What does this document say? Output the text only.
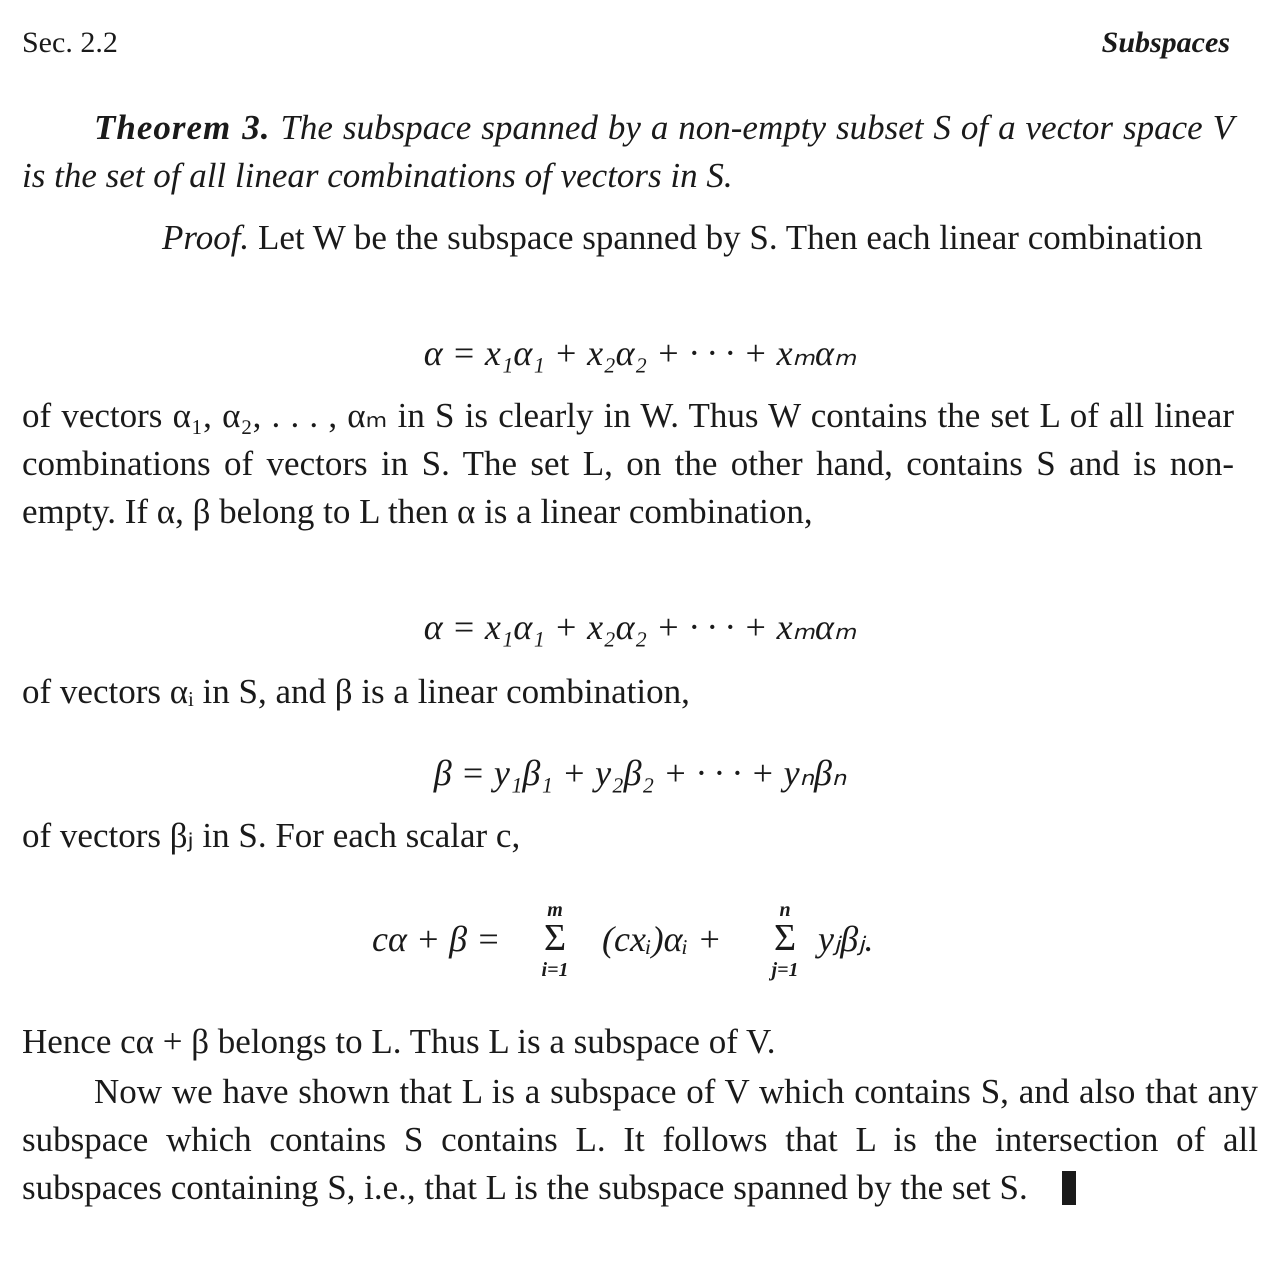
Sec. 2.2	Subspaces
Theorem 3. The subspace spanned by a non-empty subset S of a vector space V is the set of all linear combinations of vectors in S.
Proof. Let W be the subspace spanned by S. Then each linear combination
α = x₁α₁ + x₂α₂ + · · · + xₘαₘ
of vectors α₁, α₂, . . . , αₘ in S is clearly in W. Thus W contains the set L of all linear combinations of vectors in S. The set L, on the other hand, contains S and is non-empty. If α, β belong to L then α is a linear combination,
α = x₁α₁ + x₂α₂ + · · · + xₘαₘ
of vectors αᵢ in S, and β is a linear combination,
β = y₁β₁ + y₂β₂ + · · · + yₙβₙ
of vectors βⱼ in S. For each scalar c,
cα + β =
m
Σ
i=1
(cxᵢ)αᵢ +
n
Σ
j=1
yⱼβⱼ.
Hence cα + β belongs to L. Thus L is a subspace of V.
Now we have shown that L is a subspace of V which contains S, and also that any subspace which contains S contains L. It follows that L is the intersection of all subspaces containing S, i.e., that L is the subspace spanned by the set S.
